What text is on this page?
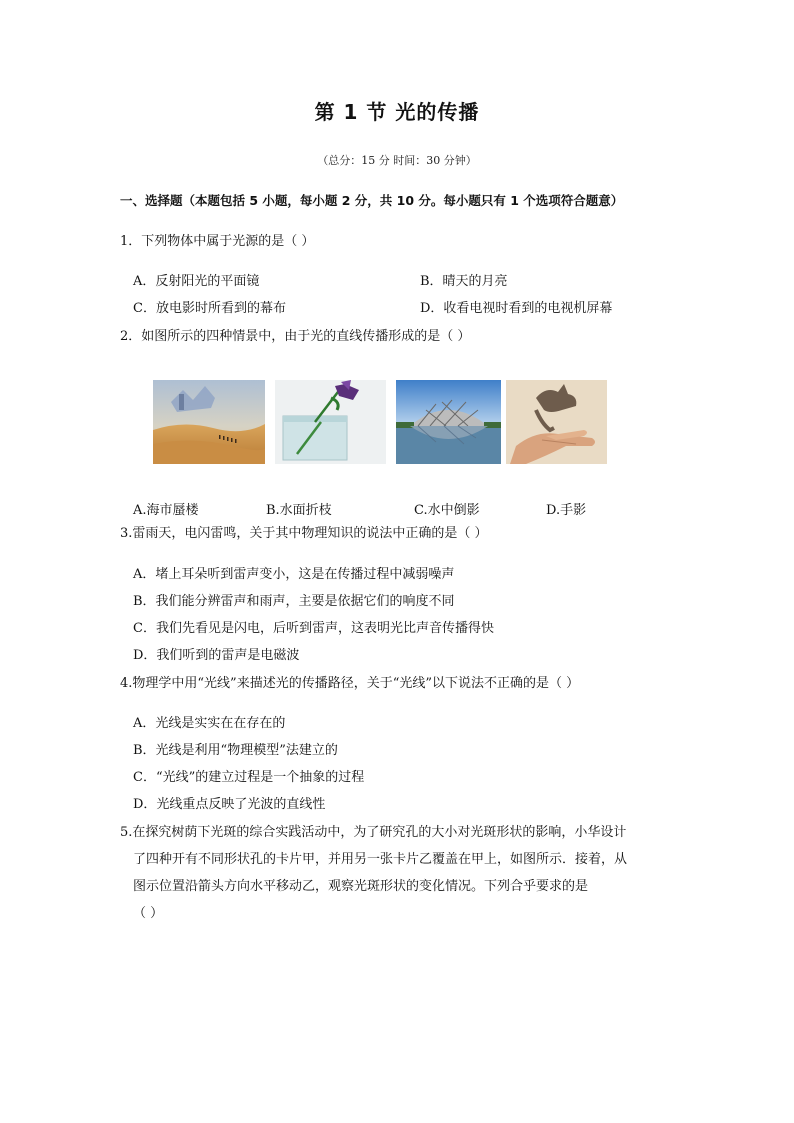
第 1 节 光的传播
（总分：15 分 时间：30 分钟）
一、选择题（本题包括 5 小题，每小题 2 分，共 10 分。每小题只有 1 个选项符合题意）
1．下列物体中属于光源的是（ ）
A．反射阳光的平面镜	B．晴天的月亮
C．放电影时所看到的幕布	D．收看电视时看到的电视机屏幕
2．如图所示的四种情景中，由于光的直线传播形成的是（ ）
A.海市蜃楼	B.水面折枝	C.水中倒影	D.手影
3.雷雨天，电闪雷鸣，关于其中物理知识的说法中正确的是（ ）
A．堵上耳朵听到雷声变小，这是在传播过程中减弱噪声
B．我们能分辨雷声和雨声，主要是依据它们的响度不同
C．我们先看见是闪电，后听到雷声，这表明光比声音传播得快
D．我们听到的雷声是电磁波
4.物理学中用“光线”来描述光的传播路径，关于“光线”以下说法不正确的是（ ）
A．光线是实实在在存在的
B．光线是利用“物理模型”法建立的
C．“光线”的建立过程是一个抽象的过程
D．光线重点反映了光波的直线性
5.在探究树荫下光斑的综合实践活动中，为了研究孔的大小对光斑形状的影响，小华设计
了四种开有不同形状孔的卡片甲，并用另一张卡片乙覆盖在甲上，如图所示．接着，从
图示位置沿箭头方向水平移动乙，观察光斑形状的变化情况。下列合乎要求的是
（ ）
